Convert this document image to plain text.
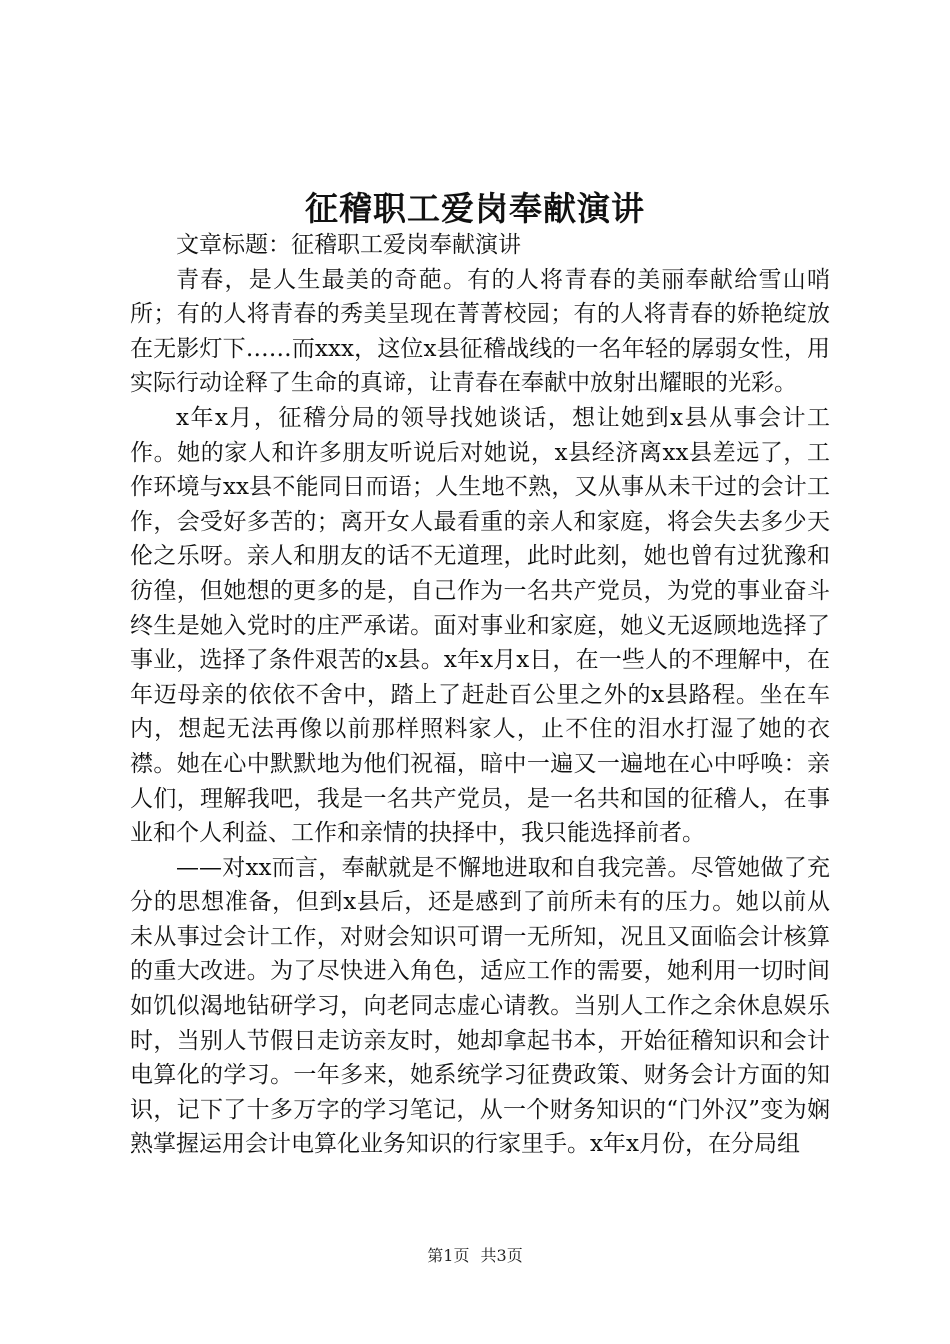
征稽职工爱岗奉献演讲

文章标题：征稽职工爱岗奉献演讲

青春，是人生最美的奇葩。有的人将青春的美丽奉献给雪山哨所；有的人将青春的秀美呈现在菁菁校园；有的人将青春的娇艳绽放在无影灯下……而xxx，这位x县征稽战线的一名年轻的孱弱女性，用实际行动诠释了生命的真谛，让青春在奉献中放射出耀眼的光彩。

x年x月，征稽分局的领导找她谈话，想让她到x县从事会计工作。她的家人和许多朋友听说后对她说，x县经济离xx县差远了，工作环境与xx县不能同日而语；人生地不熟，又从事从未干过的会计工作，会受好多苦的；离开女人最看重的亲人和家庭，将会失去多少天伦之乐呀。亲人和朋友的话不无道理，此时此刻，她也曾有过犹豫和彷徨，但她想的更多的是，自己作为一名共产党员，为党的事业奋斗终生是她入党时的庄严承诺。面对事业和家庭，她义无返顾地选择了事业，选择了条件艰苦的x县。x年x月x日，在一些人的不理解中，在年迈母亲的依依不舍中，踏上了赶赴百公里之外的x县路程。坐在车内，想起无法再像以前那样照料家人，止不住的泪水打湿了她的衣襟。她在心中默默地为他们祝福，暗中一遍又一遍地在心中呼唤：亲人们，理解我吧，我是一名共产党员，是一名共和国的征稽人，在事业和个人利益、工作和亲情的抉择中，我只能选择前者。

——对xx而言，奉献就是不懈地进取和自我完善。尽管她做了充分的思想准备，但到x县后，还是感到了前所未有的压力。她以前从未从事过会计工作，对财会知识可谓一无所知，况且又面临会计核算的重大改进。为了尽快进入角色，适应工作的需要，她利用一切时间如饥似渴地钻研学习，向老同志虚心请教。当别人工作之余休息娱乐时，当别人节假日走访亲友时，她却拿起书本，开始征稽知识和会计电算化的学习。一年多来，她系统学习征费政策、财务会计方面的知识，记下了十多万字的学习笔记，从一个财务知识的“门外汉”变为娴熟掌握运用会计电算化业务知识的行家里手。x年x月份，在分局组

第1页 共3页
